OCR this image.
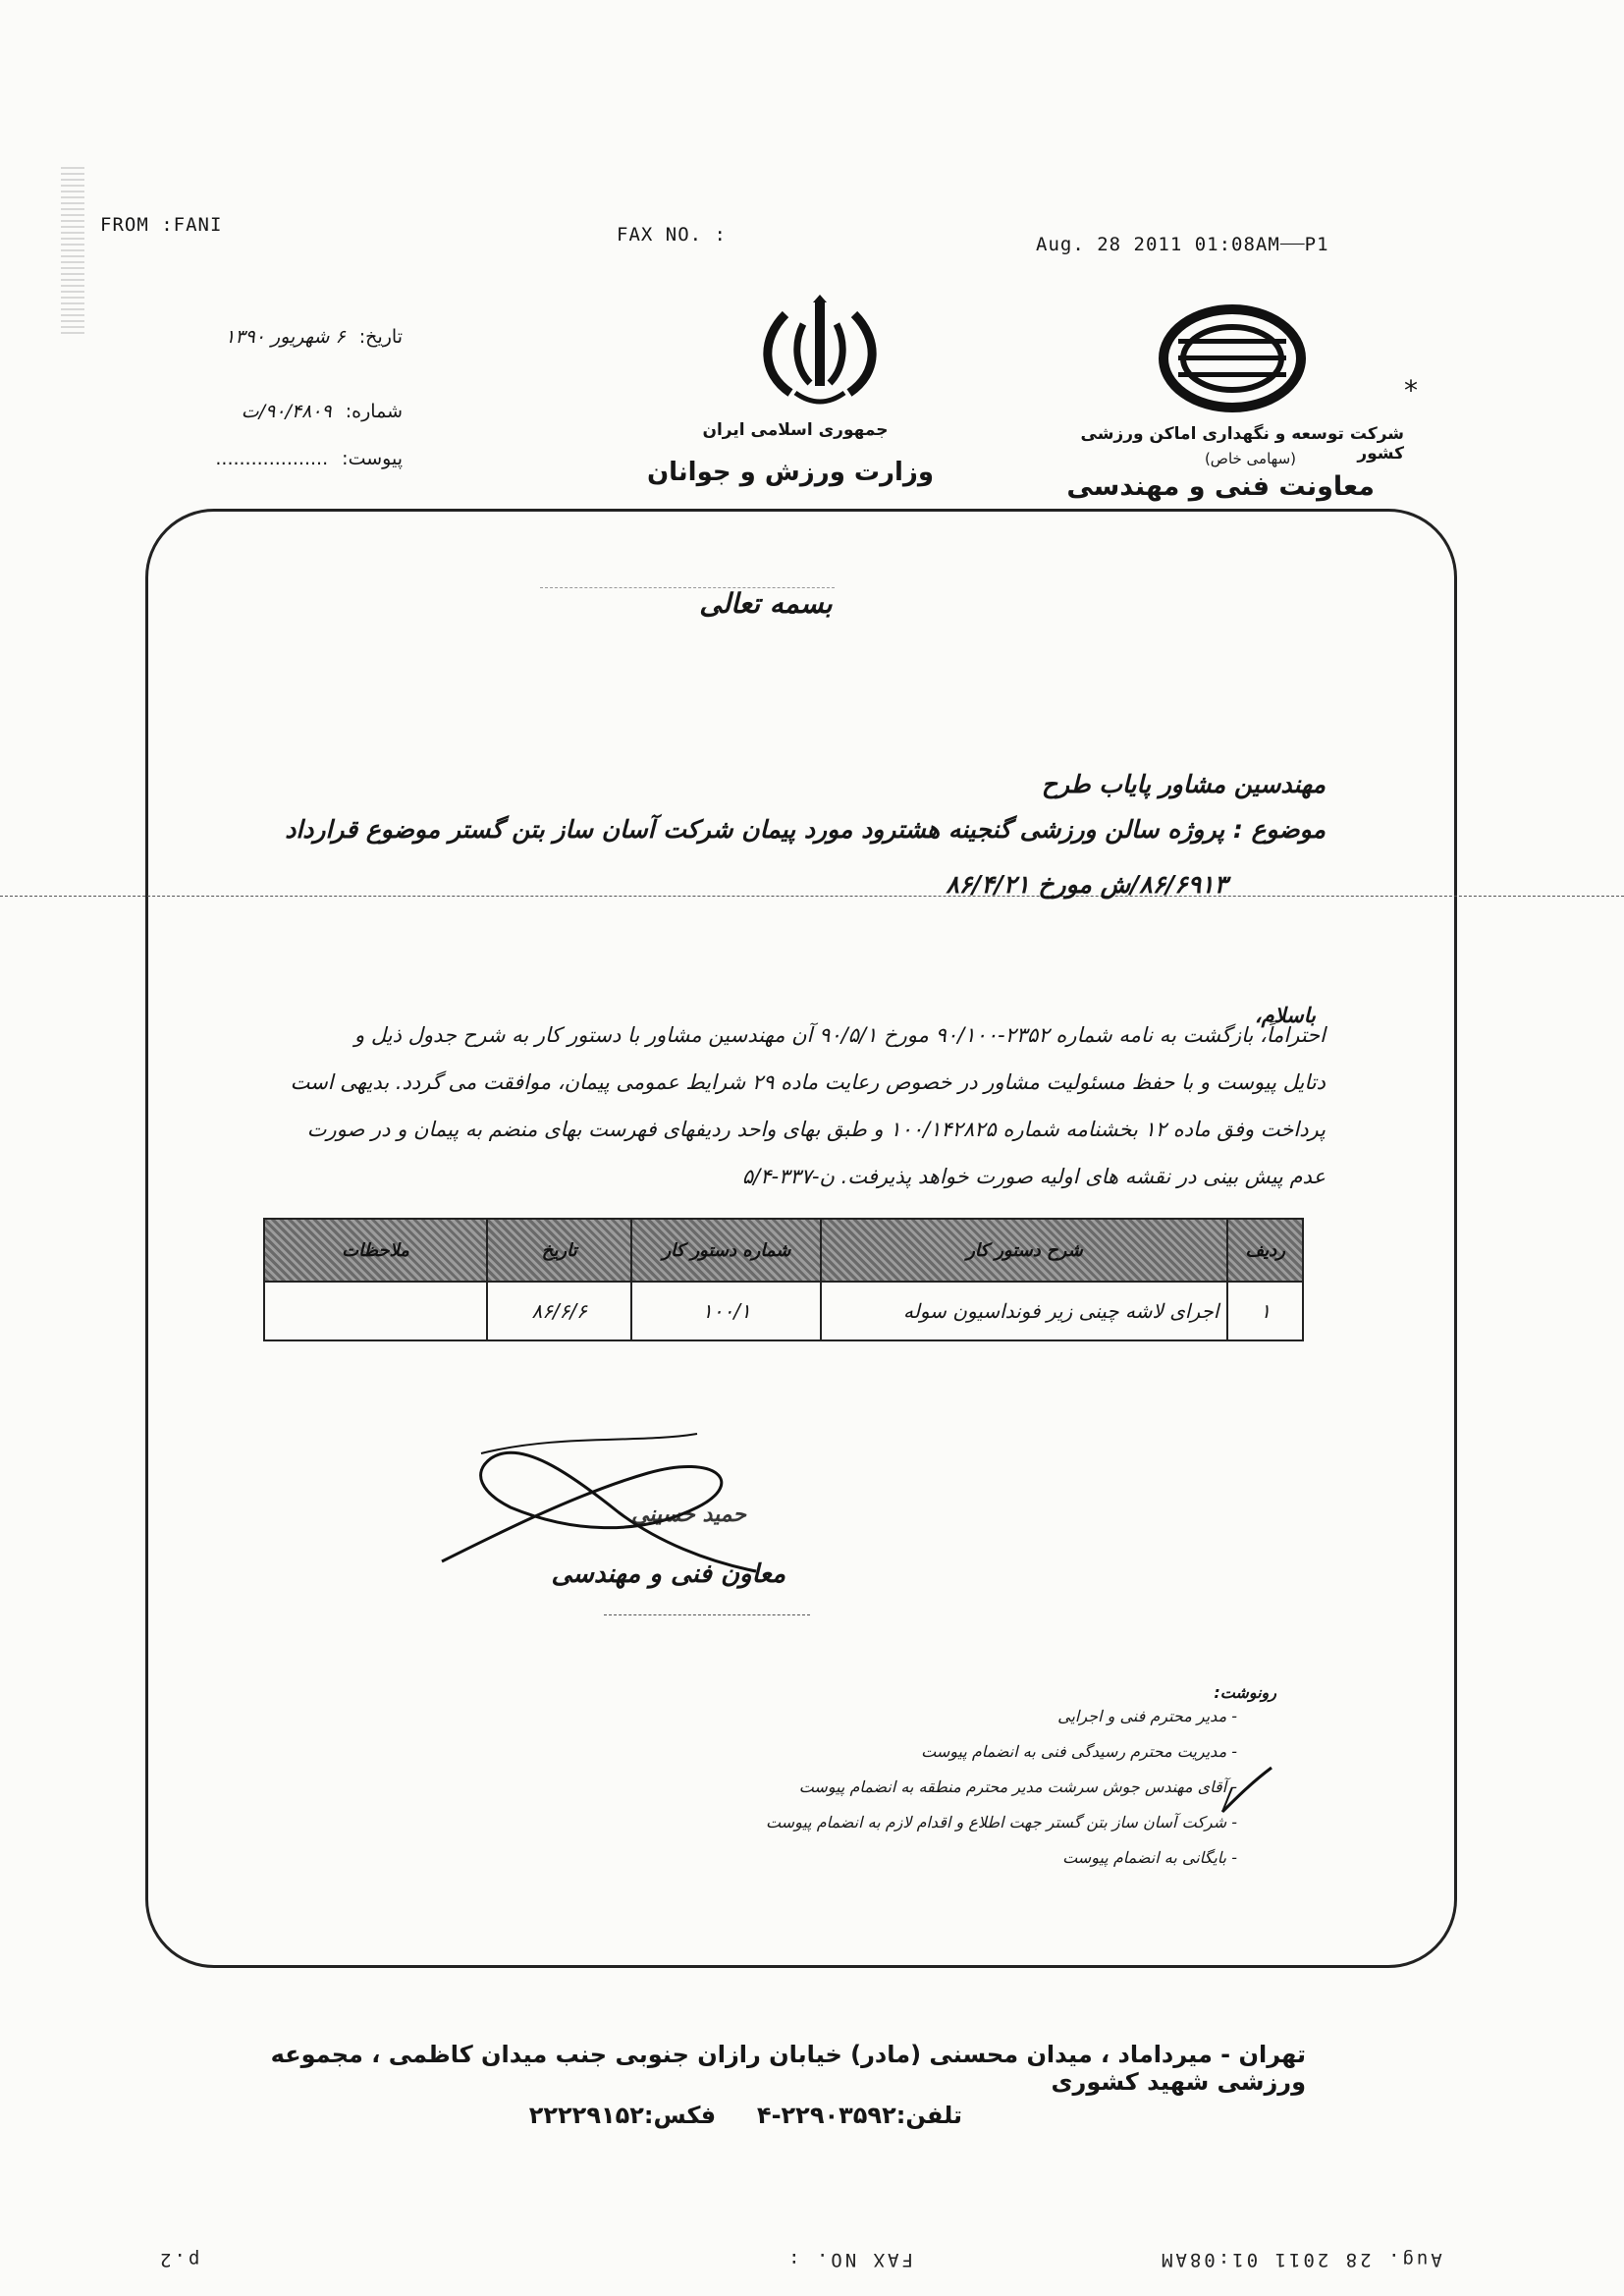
FROM :FANI	FAX NO. :	Aug. 28 2011 01:08AM P1
تاریخ: ۶ شهریور ۱۳۹۰
شماره: ۹۰/۴۸۰۹/ت
پیوست: ...................
جمهوری اسلامی ایران
وزارت ورزش و جوانان
⁎
شرکت توسعه و نگهداری اماکن ورزشی کشور
(سهامی خاص)
معاونت فنی و مهندسی
بسمه تعالی
مهندسین مشاور پایاب طرح
موضوع : پروژه سالن ورزشی گنجینه هشترود مورد پیمان شرکت آسان ساز بتن گستر موضوع قرارداد
۸۶/۶۹۱۳/ش مورخ ۸۶/۴/۲۱
باسلام،
احتراماً، بازگشت به نامه شماره ۲۳۵۲-۹۰/۱۰۰ مورخ ۹۰/۵/۱ آن مهندسین مشاور با دستور کار به شرح جدول ذیل و
دتایل پیوست و با حفظ مسئولیت مشاور در خصوص رعایت ماده ۲۹ شرایط عمومی پیمان، موافقت می گردد. بدیهی است
پرداخت وفق ماده ۱۲ بخشنامه شماره ۱۰۰/۱۴۲۸۲۵ و طبق بهای واحد ردیفهای فهرست بهای منضم به پیمان و در صورت
عدم پیش بینی در نقشه های اولیه صورت خواهد پذیرفت. ن-۳۳۷-۵/۴
ردیف	شرح دستور کار	شماره دستور کار	تاریخ	ملاحظات
۱	اجرای لاشه چینی زیر فونداسیون سوله	۱۰۰/۱	۸۶/۶/۶	
حمید حسینی
معاون فنی و مهندسی
رونوشت:
- مدیر محترم فنی و اجرایی
- مدیریت محترم رسیدگی فنی به انضمام پیوست
- آقای مهندس جوش سرشت مدیر محترم منطقه به انضمام پیوست
- شرکت آسان ساز بتن گستر جهت اطلاع و اقدام لازم به انضمام پیوست
- بایگانی به انضمام پیوست
تهران - میرداماد ، میدان محسنی (مادر) خیابان رازان جنوبی جنب میدان کاظمی ، مجموعه ورزشی شهید کشوری
تلفن:۲۲۹۰۳۵۹۲-۴     فکس:۲۲۲۲۹۱۵۲
p.2	FAX NO. :	Aug. 28 2011 01:08AM
